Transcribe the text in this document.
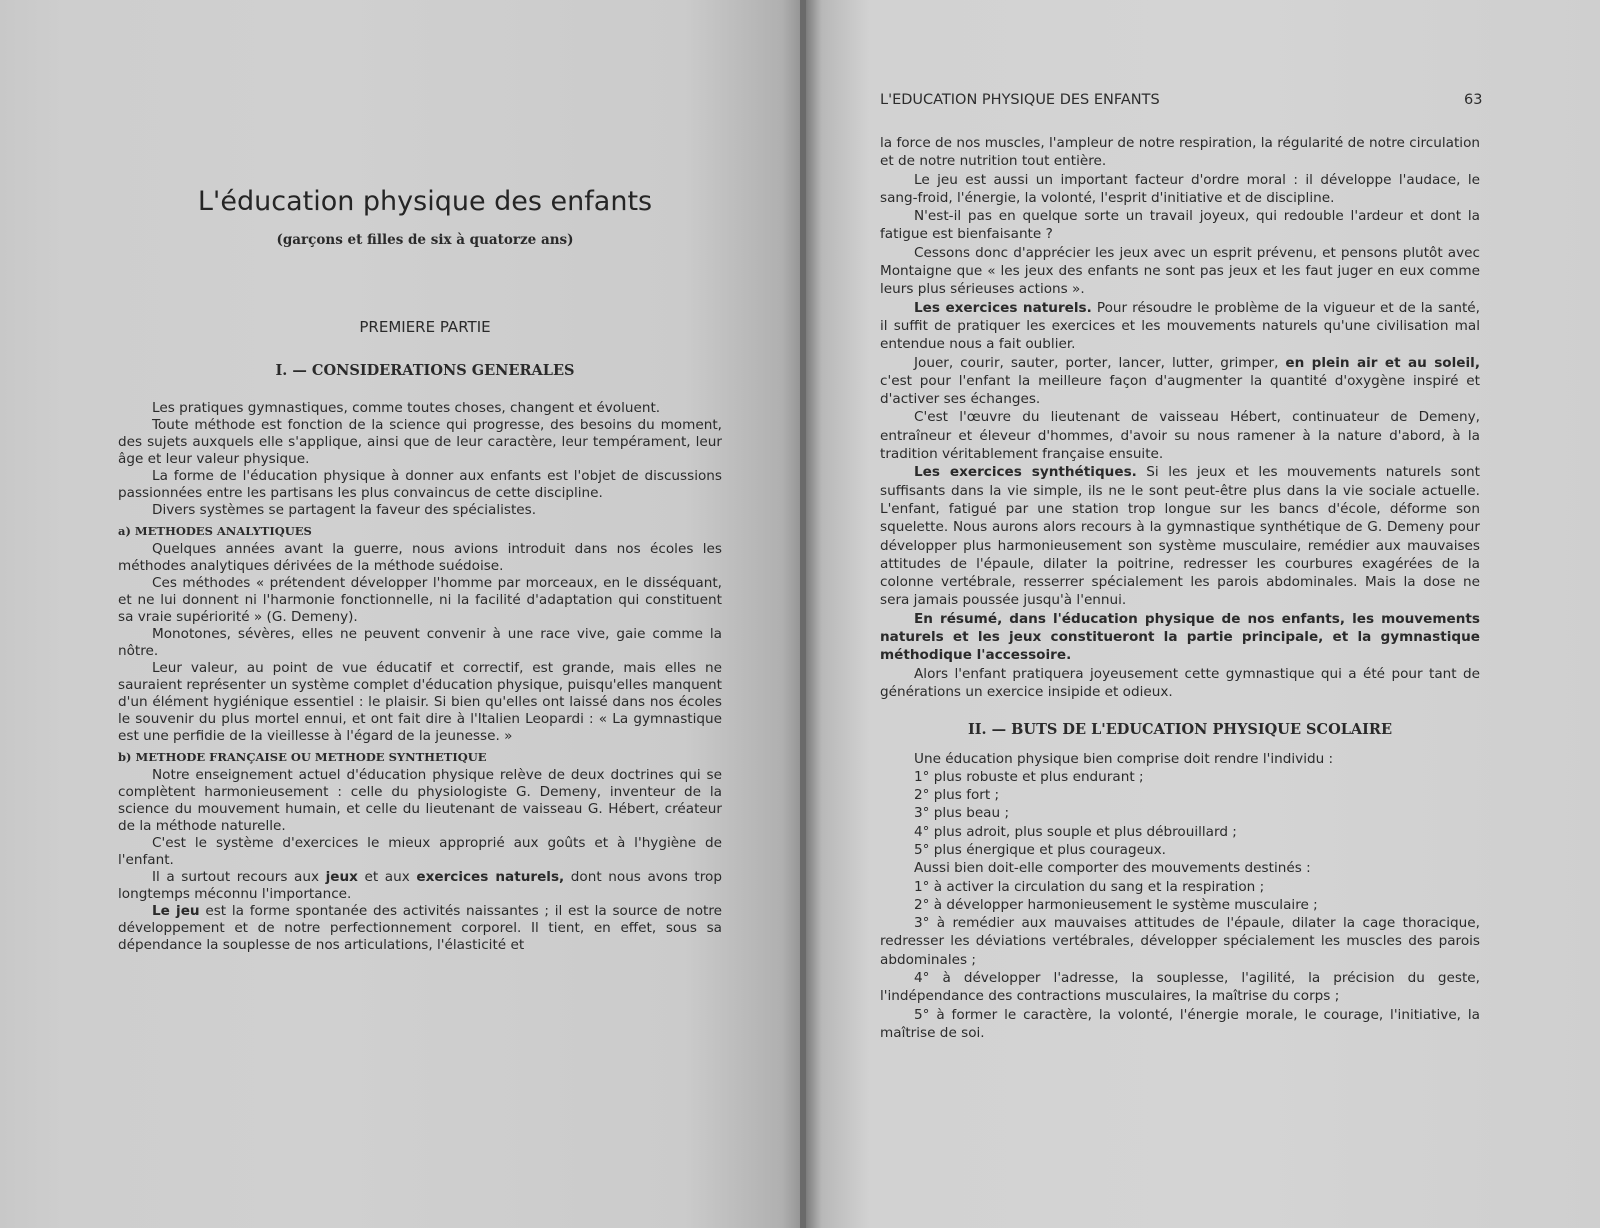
L'éducation physique des enfants
(garçons et filles de six à quatorze ans)
PREMIERE PARTIE
I. — CONSIDERATIONS GENERALES

Les pratiques gymnastiques, comme toutes choses, changent et évoluent.

Toute méthode est fonction de la science qui progresse, des besoins du moment, des sujets auxquels elle s'applique, ainsi que de leur caractère, leur tempérament, leur âge et leur valeur physique.

La forme de l'éducation physique à donner aux enfants est l'objet de discussions passionnées entre les partisans les plus convaincus de cette discipline.

Divers systèmes se partagent la faveur des spécialistes.

a) METHODES ANALYTIQUES

Quelques années avant la guerre, nous avions introduit dans nos écoles les méthodes analytiques dérivées de la méthode suédoise.

Ces méthodes « prétendent développer l'homme par morceaux, en le disséquant, et ne lui donnent ni l'harmonie fonctionnelle, ni la facilité d'adaptation qui constituent sa vraie supériorité » (G. Demeny).

Monotones, sévères, elles ne peuvent convenir à une race vive, gaie comme la nôtre.

Leur valeur, au point de vue éducatif et correctif, est grande, mais elles ne sauraient représenter un système complet d'éducation physique, puisqu'elles manquent d'un élément hygiénique essentiel : le plaisir. Si bien qu'elles ont laissé dans nos écoles le souvenir du plus mortel ennui, et ont fait dire à l'Italien Leopardi : « La gymnastique est une perfidie de la vieillesse à l'égard de la jeunesse. »

b) METHODE FRANÇAISE OU METHODE SYNTHETIQUE

Notre enseignement actuel d'éducation physique relève de deux doctrines qui se complètent harmonieusement : celle du physiologiste G. Demeny, inventeur de la science du mouvement humain, et celle du lieutenant de vaisseau G. Hébert, créateur de la méthode naturelle.

C'est le système d'exercices le mieux approprié aux goûts et à l'hygiène de l'enfant.

Il a surtout recours aux jeux et aux exercices naturels, dont nous avons trop longtemps méconnu l'importance.

Le jeu est la forme spontanée des activités naissantes ; il est la source de notre développement et de notre perfectionnement corporel. Il tient, en effet, sous sa dépendance la souplesse de nos articulations, l'élasticité et

L'EDUCATION PHYSIQUE DES ENFANTS	63

la force de nos muscles, l'ampleur de notre respiration, la régularité de notre circulation et de notre nutrition tout entière.

Le jeu est aussi un important facteur d'ordre moral : il développe l'audace, le sang-froid, l'énergie, la volonté, l'esprit d'initiative et de discipline.

N'est-il pas en quelque sorte un travail joyeux, qui redouble l'ardeur et dont la fatigue est bienfaisante ?

Cessons donc d'apprécier les jeux avec un esprit prévenu, et pensons plutôt avec Montaigne que « les jeux des enfants ne sont pas jeux et les faut juger en eux comme leurs plus sérieuses actions ».

Les exercices naturels. Pour résoudre le problème de la vigueur et de la santé, il suffit de pratiquer les exercices et les mouvements naturels qu'une civilisation mal entendue nous a fait oublier.

Jouer, courir, sauter, porter, lancer, lutter, grimper, en plein air et au soleil, c'est pour l'enfant la meilleure façon d'augmenter la quantité d'oxygène inspiré et d'activer ses échanges.

C'est l'œuvre du lieutenant de vaisseau Hébert, continuateur de Demeny, entraîneur et éleveur d'hommes, d'avoir su nous ramener à la nature d'abord, à la tradition véritablement française ensuite.

Les exercices synthétiques. Si les jeux et les mouvements naturels sont suffisants dans la vie simple, ils ne le sont peut-être plus dans la vie sociale actuelle. L'enfant, fatigué par une station trop longue sur les bancs d'école, déforme son squelette. Nous aurons alors recours à la gymnastique synthétique de G. Demeny pour développer plus harmonieusement son système musculaire, remédier aux mauvaises attitudes de l'épaule, dilater la poitrine, redresser les courbures exagérées de la colonne vertébrale, resserrer spécialement les parois abdominales. Mais la dose ne sera jamais poussée jusqu'à l'ennui.

En résumé, dans l'éducation physique de nos enfants, les mouvements naturels et les jeux constitueront la partie principale, et la gymnastique méthodique l'accessoire.

Alors l'enfant pratiquera joyeusement cette gymnastique qui a été pour tant de générations un exercice insipide et odieux.

II. — BUTS DE L'EDUCATION PHYSIQUE SCOLAIRE

Une éducation physique bien comprise doit rendre l'individu :

1° plus robuste et plus endurant ;
2° plus fort ;
3° plus beau ;
4° plus adroit, plus souple et plus débrouillard ;
5° plus énergique et plus courageux.

Aussi bien doit-elle comporter des mouvements destinés :

1° à activer la circulation du sang et la respiration ;
2° à développer harmonieusement le système musculaire ;
3° à remédier aux mauvaises attitudes de l'épaule, dilater la cage thoracique, redresser les déviations vertébrales, développer spécialement les muscles des parois abdominales ;
4° à développer l'adresse, la souplesse, l'agilité, la précision du geste, l'indépendance des contractions musculaires, la maîtrise du corps ;
5° à former le caractère, la volonté, l'énergie morale, le courage, l'initiative, la maîtrise de soi.
